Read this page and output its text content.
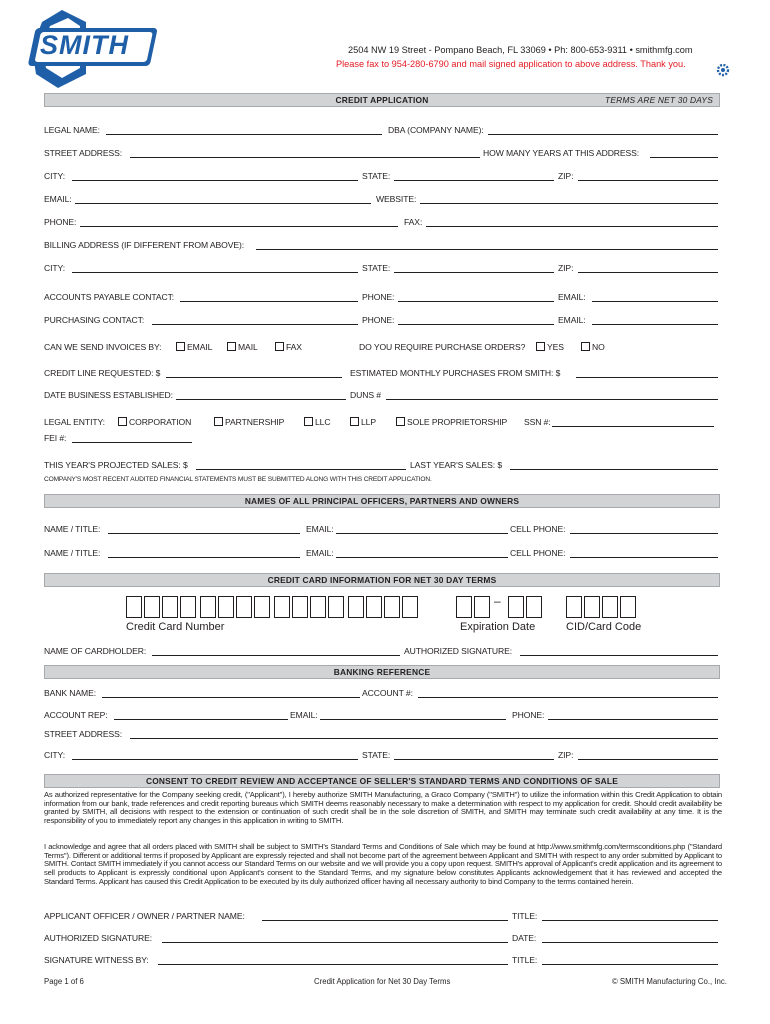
SMITH	2504 NW 19 Street - Pompano Beach, FL 33069 • Ph: 800-653-9311 • smithmfg.com
Please fax to 954-280-6790 and mail signed application to above address. Thank you.
CREDIT APPLICATION	TERMS ARE NET 30 DAYS
LEGAL NAME:	DBA (COMPANY NAME):
STREET ADDRESS:	HOW MANY YEARS AT THIS ADDRESS:
CITY:	STATE:	ZIP:
EMAIL:	WEBSITE:
PHONE:	FAX:
BILLING ADDRESS (IF DIFFERENT FROM ABOVE):
CITY:	STATE:	ZIP:
ACCOUNTS PAYABLE CONTACT:	PHONE:	EMAIL:
PURCHASING CONTACT:	PHONE:	EMAIL:
CAN WE SEND INVOICES BY:	EMAIL	MAIL	FAX	DO YOU REQUIRE PURCHASE ORDERS?	YES	NO
CREDIT LINE REQUESTED: $	ESTIMATED MONTHLY PURCHASES FROM SMITH: $
DATE BUSINESS ESTABLISHED:	DUNS #
LEGAL ENTITY:	CORPORATION	PARTNERSHIP	LLC	LLP	SOLE PROPRIETORSHIP SSN #:
FEI #:
THIS YEAR'S PROJECTED SALES: $	LAST YEAR'S SALES: $
COMPANY'S MOST RECENT AUDITED FINANCIAL STATEMENTS MUST BE SUBMITTED ALONG WITH THIS CREDIT APPLICATION.
NAMES OF ALL PRINCIPAL OFFICERS, PARTNERS AND OWNERS
NAME / TITLE:	EMAIL:	CELL PHONE:
NAME / TITLE:	EMAIL:	CELL PHONE:
CREDIT CARD INFORMATION FOR NET 30 DAY TERMS
Credit Card Number
–
Expiration Date	CID/Card Code
NAME OF CARDHOLDER:	AUTHORIZED SIGNATURE:
BANKING REFERENCE
BANK NAME:	ACCOUNT #:
ACCOUNT REP:	EMAIL:	PHONE:
STREET ADDRESS:
CITY:	STATE:	ZIP:
CONSENT TO CREDIT REVIEW AND ACCEPTANCE OF SELLER'S STANDARD TERMS AND CONDITIONS OF SALE
As authorized representative for the Company seeking credit, ("Applicant"), I hereby authorize SMITH Manufacturing, a Graco Company ("SMITH") to utilize the information within this Credit Application to obtain information from our bank, trade references and credit reporting bureaus which SMITH deems reasonably necessary to make a determination with respect to my application for credit. Should credit availability be granted by SMITH, all decisions with respect to the extension or continuation of such credit shall be in the sole discretion of SMITH, and SMITH may terminate such credit availability at any time. It is the responsibility of you to immediately report any changes in this application in writing to SMITH.
I acknowledge and agree that all orders placed with SMITH shall be subject to SMITH's Standard Terms and Conditions of Sale which may be found at http://www.smithmfg.com/termsconditions.php ("Standard Terms"). Different or additional terms if proposed by Applicant are expressly rejected and shall not become part of the agreement between Applicant and SMITH with respect to any order submitted by Applicant to SMITH. Contact SMITH immediately if you cannot access our Standard Terms on our website and we will provide you a copy upon request. SMITH's approval of Applicant's credit application and its agreement to sell products to Applicant is expressly conditional upon Applicant's consent to the Standard Terms, and my signature below constitutes Applicants acknowledgement that it has reviewed and accepted the Standard Terms. Applicant has caused this Credit Application to be executed by its duly authorized officer having all necessary authority to bind Company to the terms contained herein.
APPLICANT OFFICER / OWNER / PARTNER NAME:	TITLE:
AUTHORIZED SIGNATURE:	DATE:
SIGNATURE WITNESS BY:	TITLE:
Page 1 of 6	Credit Application for Net 30 Day Terms	© SMITH Manufacturing Co., Inc.
